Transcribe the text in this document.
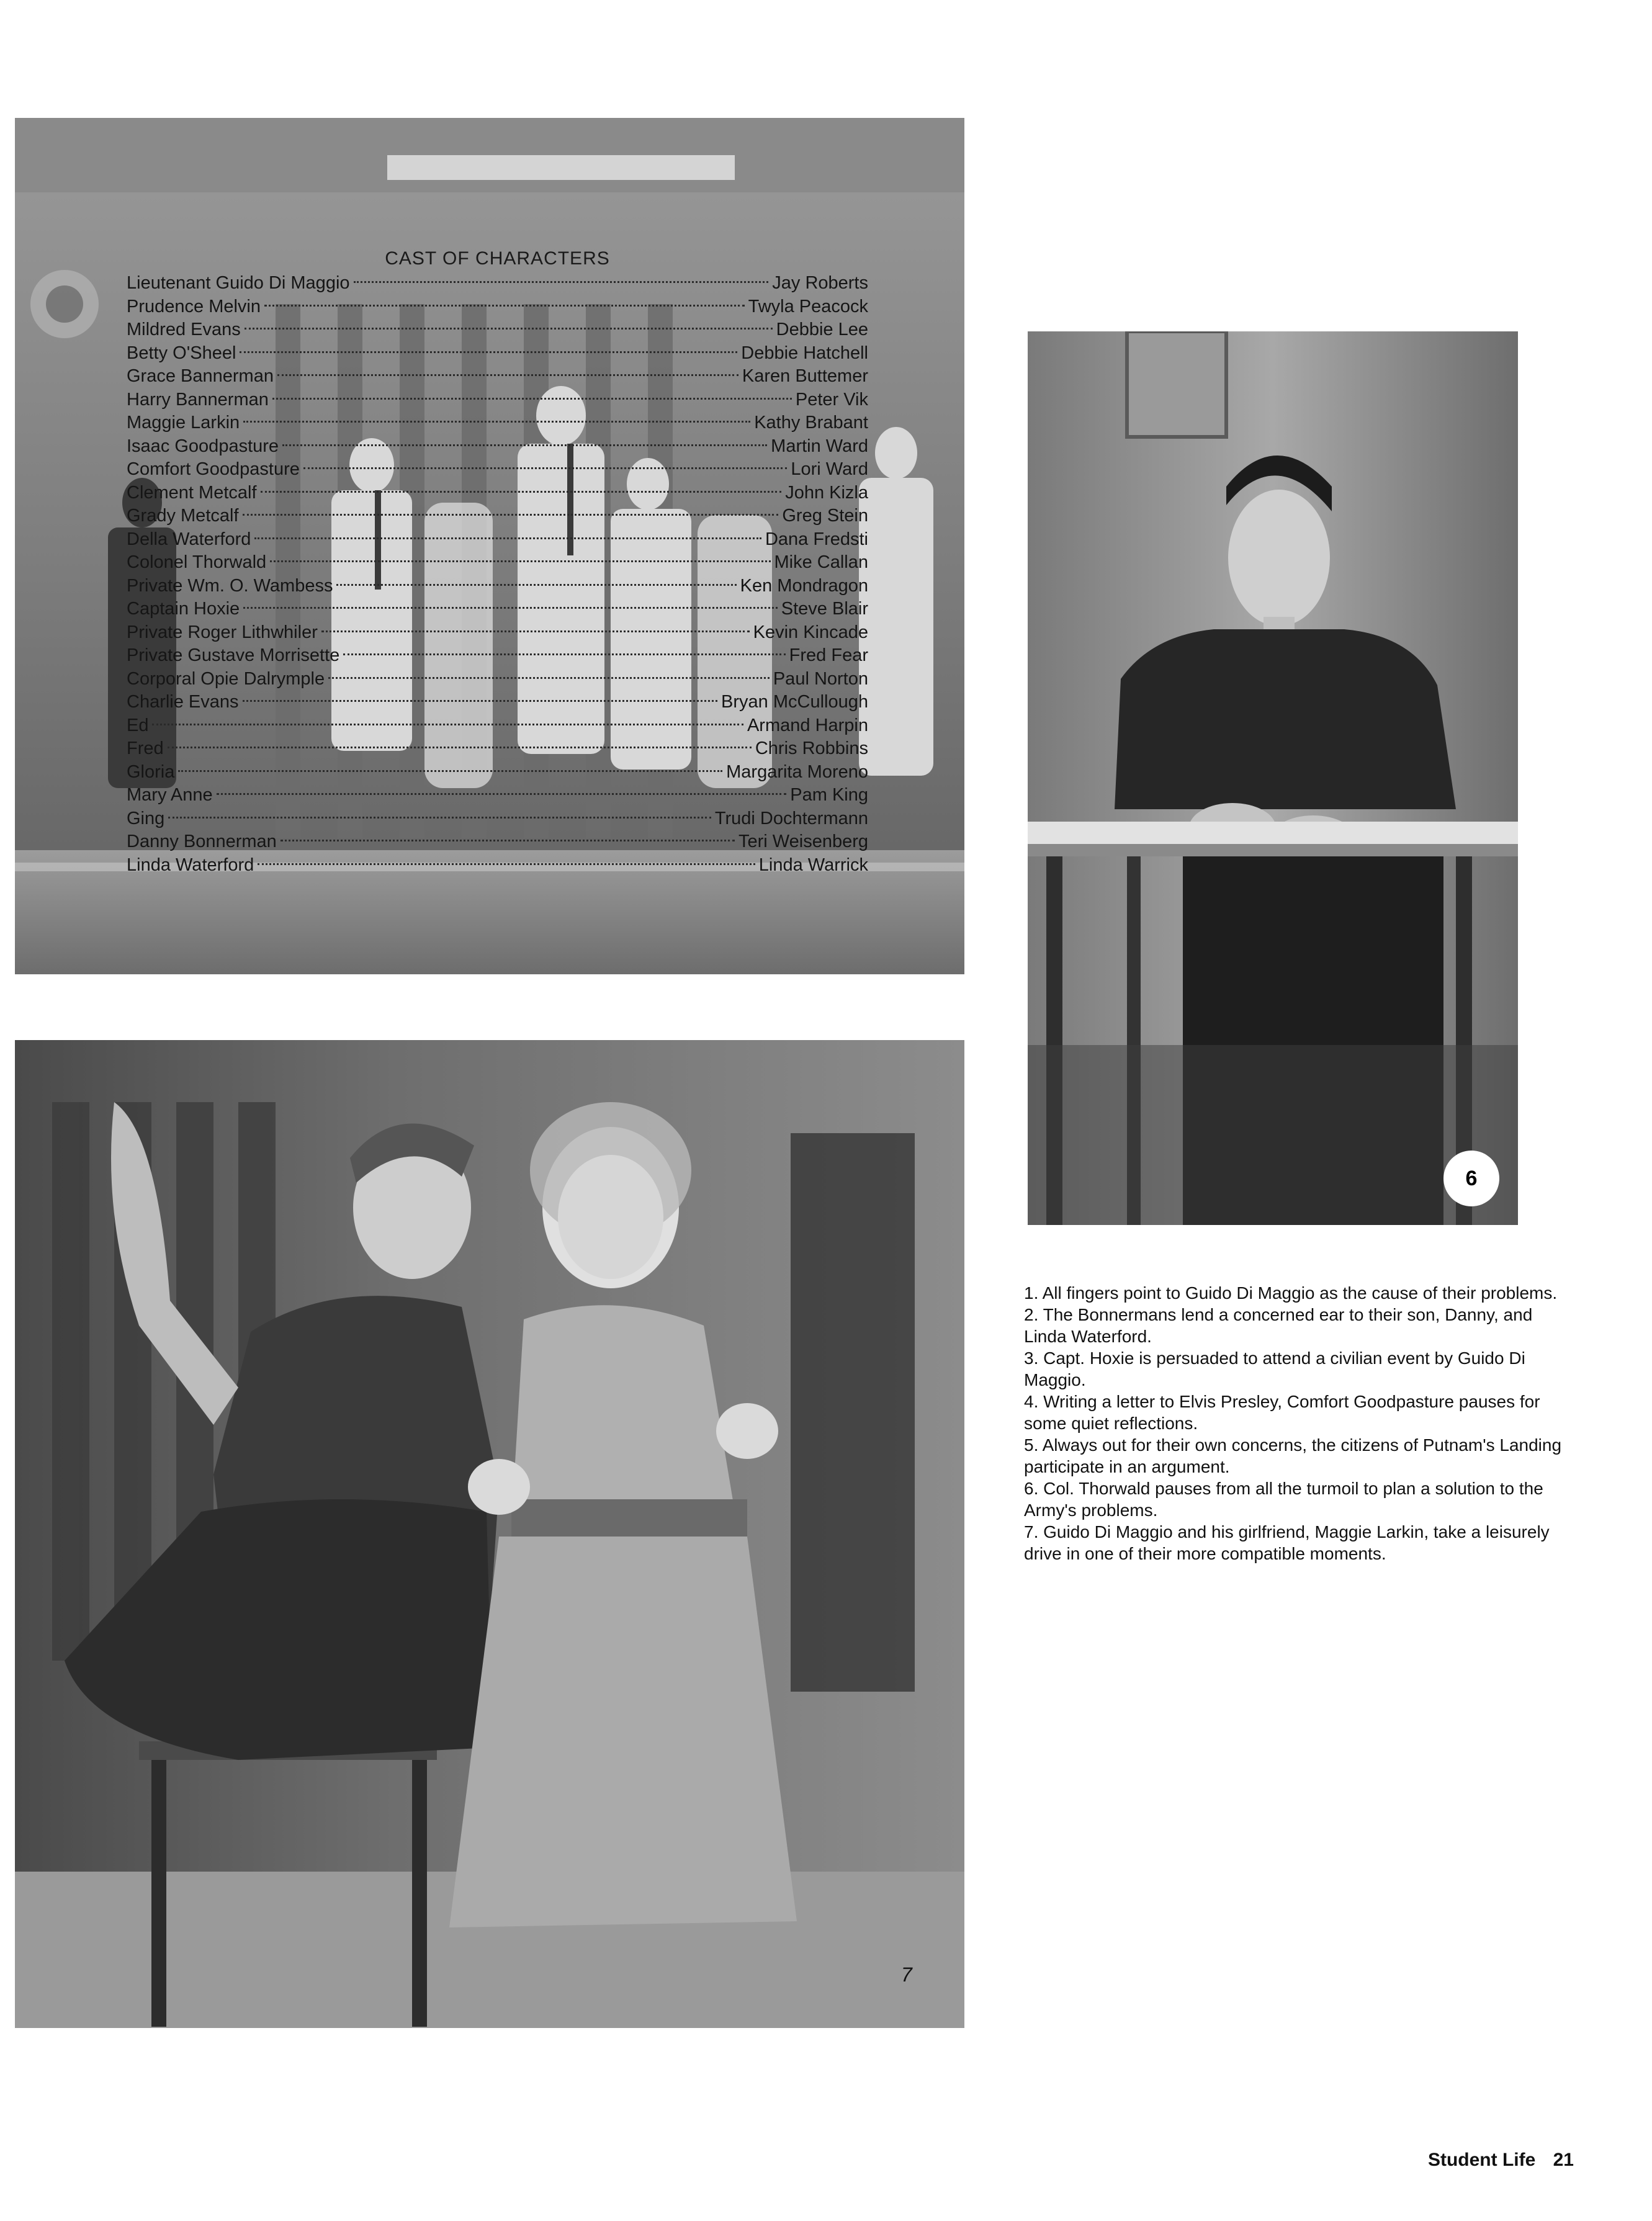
CAST OF CHARACTERS
Lieutenant Guido Di Maggio	Jay Roberts
Prudence Melvin	Twyla Peacock
Mildred Evans	Debbie Lee
Betty O'Sheel	Debbie Hatchell
Grace Bannerman	Karen Buttemer
Harry Bannerman	Peter Vik
Maggie Larkin	Kathy Brabant
Isaac Goodpasture	Martin Ward
Comfort Goodpasture	Lori Ward
Clement Metcalf	John Kizla
Grady Metcalf	Greg Stein
Della Waterford	Dana Fredsti
Colonel Thorwald	Mike Callan
Private Wm. O. Wambess	Ken Mondragon
Captain Hoxie	Steve Blair
Private Roger Lithwhiler	Kevin Kincade
Private Gustave Morrisette	Fred Fear
Corporal Opie Dalrymple	Paul Norton
Charlie Evans	Bryan McCullough
Ed	Armand Harpin
Fred	Chris Robbins
Gloria	Margarita Moreno
Mary Anne	Pam King
Ging	Trudi Dochtermann
Danny Bonnerman	Teri Weisenberg
Linda Waterford	Linda Warrick
6
7

1. All fingers point to Guido Di Maggio as the cause of their problems.

2. The Bonnermans lend a concerned ear to their son, Danny, and Linda Waterford.

3. Capt. Hoxie is persuaded to attend a civilian event by Guido Di Maggio.

4. Writing a letter to Elvis Presley, Comfort Goodpasture pauses for some quiet reflections.

5. Always out for their own concerns, the citizens of Putnam's Landing participate in an argument.

6. Col. Thorwald pauses from all the turmoil to plan a solution to the Army's problems.

7. Guido Di Maggio and his girlfriend, Maggie Larkin, take a leisurely drive in one of their more compatible moments.

Student Life 21
